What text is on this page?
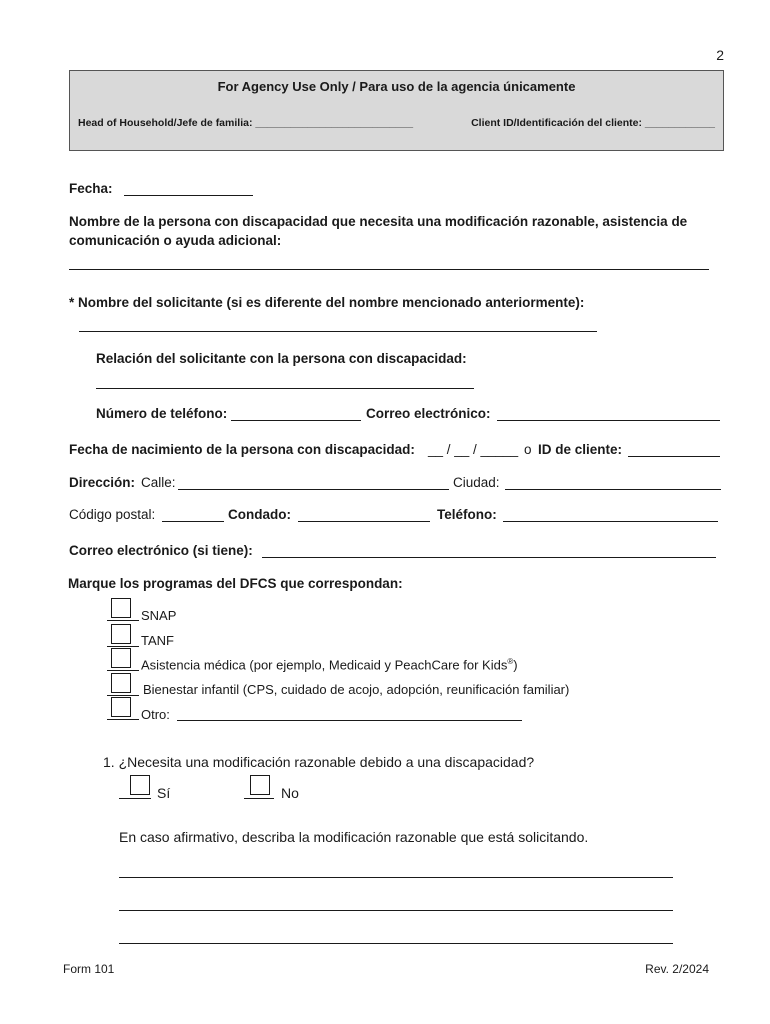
2
For Agency Use Only / Para uso de la agencia únicamente
Head of Household/Jefe de familia: ___________________________	Client ID/Identificación del cliente: ____________
Fecha:
Nombre de la persona con discapacidad que necesita una modificación razonable, asistencia de
comunicación o ayuda adicional:
* Nombre del solicitante (si es diferente del nombre mencionado anteriormente):
Relación del solicitante con la persona con discapacidad:
Número de teléfono:	Correo electrónico:
Fecha de nacimiento de la persona con discapacidad: __ / __ / _____ o ID de cliente:
Dirección: Calle:	Ciudad:
Código postal:	Condado:	Teléfono:
Correo electrónico (si tiene):
Marque los programas del DFCS que correspondan:
SNAP
TANF
Asistencia médica (por ejemplo, Medicaid y PeachCare for Kids®)
Bienestar infantil (CPS, cuidado de acojo, adopción, reunificación familiar)
Otro:
1. ¿Necesita una modificación razonable debido a una discapacidad?
Sí	No
En caso afirmativo, describa la modificación razonable que está solicitando.
Form 101	Rev. 2/2024
